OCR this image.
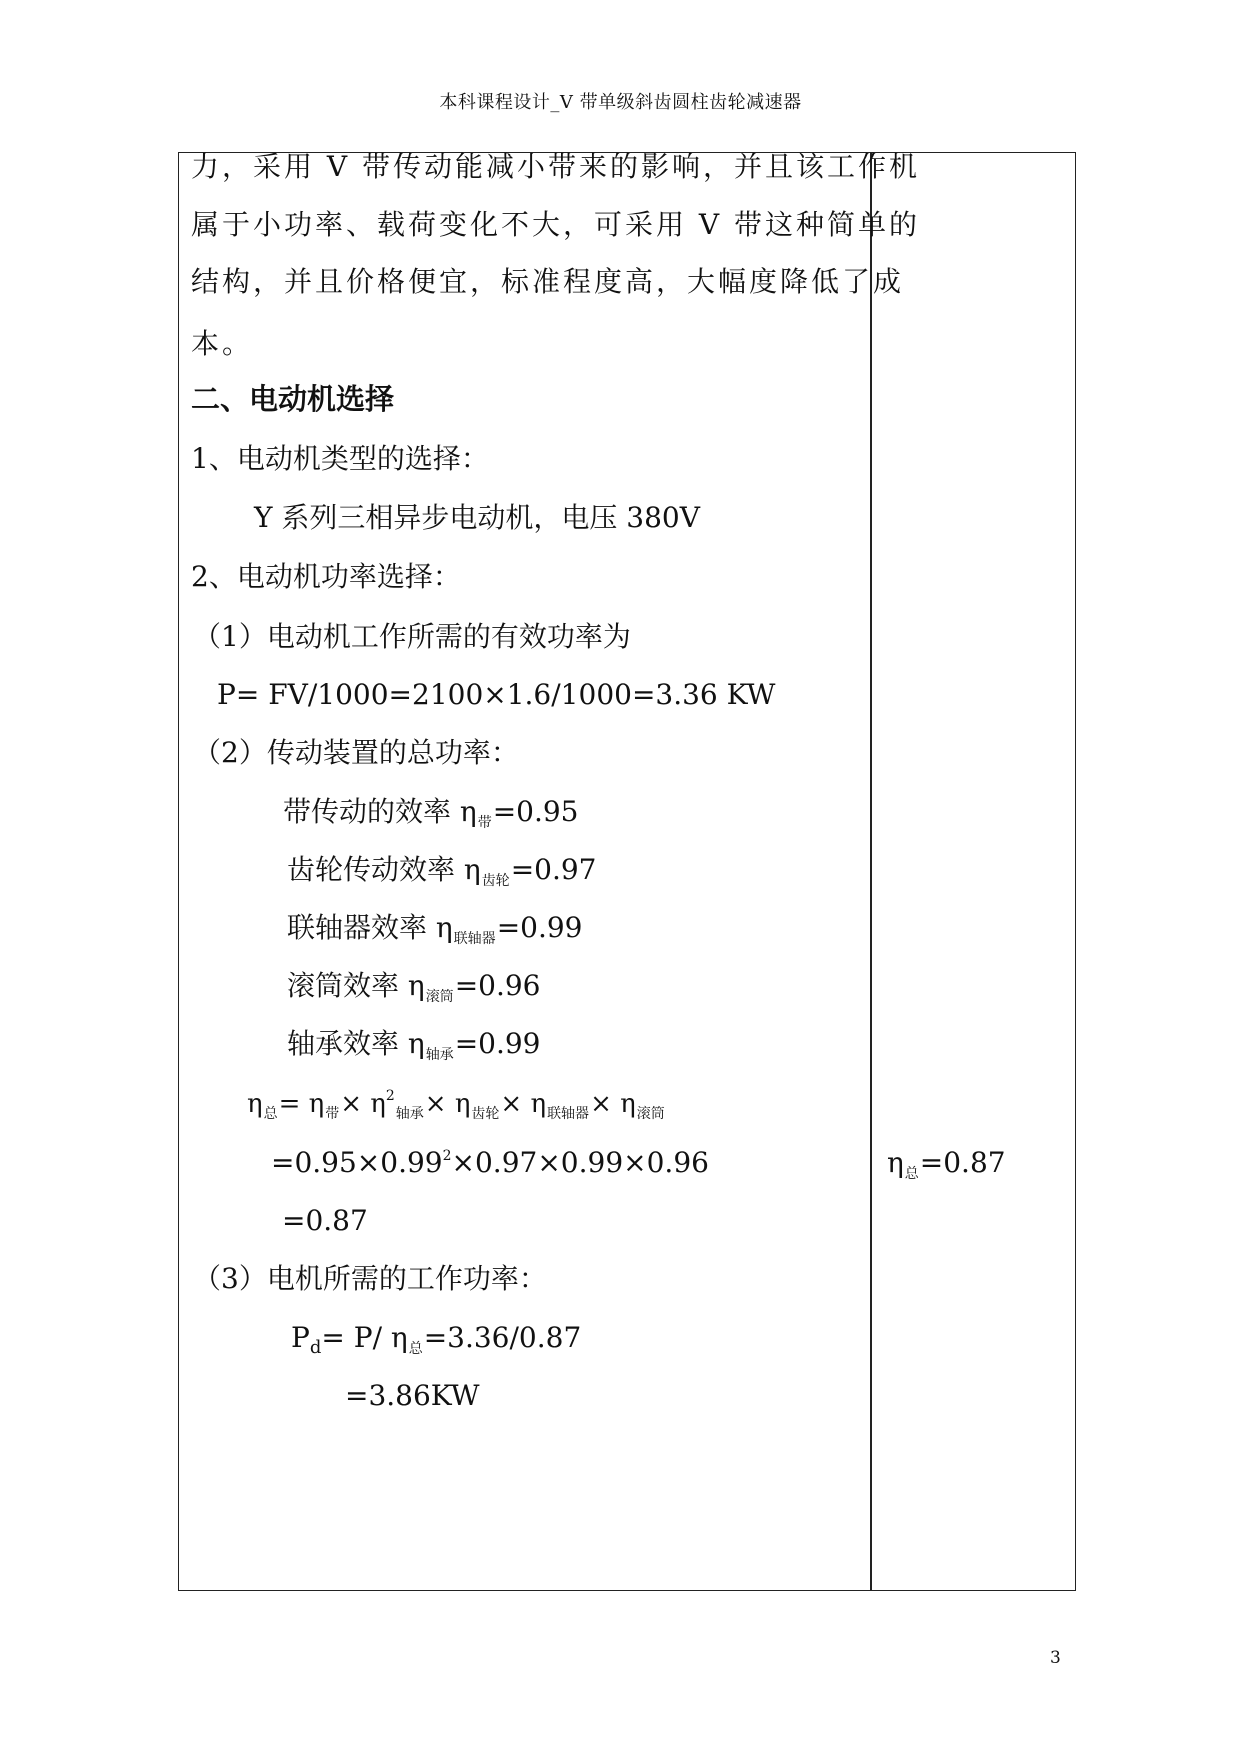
本科课程设计_V 带单级斜齿圆柱齿轮减速器
力，采用 V 带传动能减小带来的影响，并且该工作机
属于小功率、载荷变化不大，可采用 V 带这种简单的
结构，并且价格便宜，标准程度高，大幅度降低了成
本。
二、电动机选择
1、电动机类型的选择：
Y 系列三相异步电动机，电压 380V
2、电动机功率选择：
（1）电动机工作所需的有效功率为
P= FV/1000=2100×1.6/1000=3.36 KW
（2）传动装置的总功率：
带传动的效率 $\eta_带=0.95$
齿轮传动效率 $\eta_{齿轮}=0.97$
联轴器效率 $\eta_{联轴器}=0.99$
滚筒效率 $\eta_{滚筒}=0.96$
轴承效率 $\eta_{轴承}=0.99$
$\eta_总= \eta_带\times \eta^2_{轴承}\times \eta_{齿轮}\times \eta_{联轴器}\times \eta_{滚筒}$
$=0.95\times 0.99^2\times 0.97\times 0.99\times 0.96$
=0.87
（3）电机所需的工作功率：
$P_d= P/$ $\eta_总=3.36/0.87$
=3.86KW
$\eta_总=0.87$
3
